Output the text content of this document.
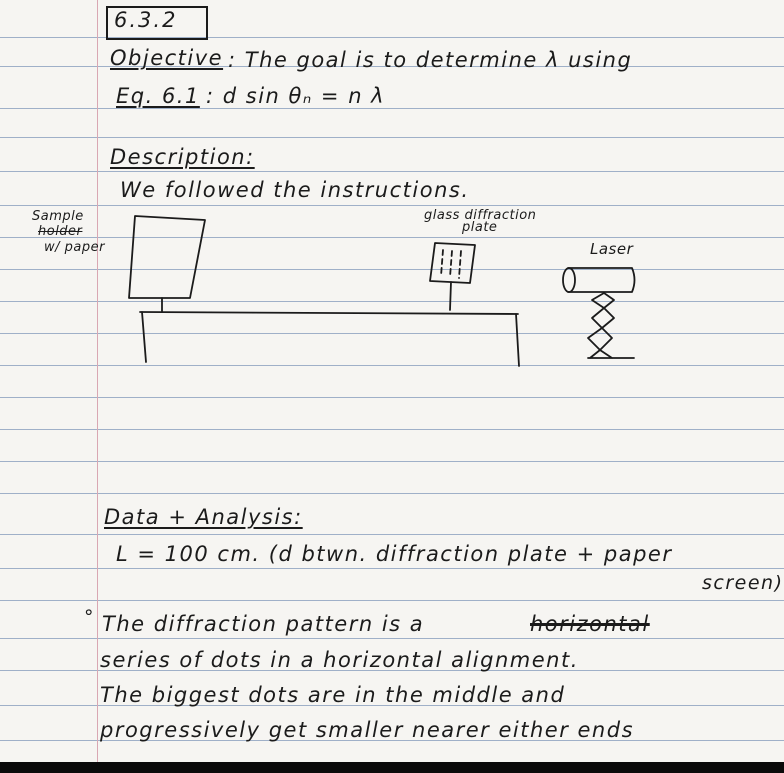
6.3.2
Objective : The goal is to determine λ using
Eq. 6.1 : d sin θₙ = n λ
Description:
We followed the instructions.
Sample
holder
w/ paper
glass diffraction
plate
Laser
Data + Analysis:
L = 100 cm. (d btwn. diffraction plate + paper
screen)
° The diffraction pattern is a	horizontal
series of dots in a horizontal alignment.
The biggest dots are in the middle and
progressively get smaller nearer either ends
